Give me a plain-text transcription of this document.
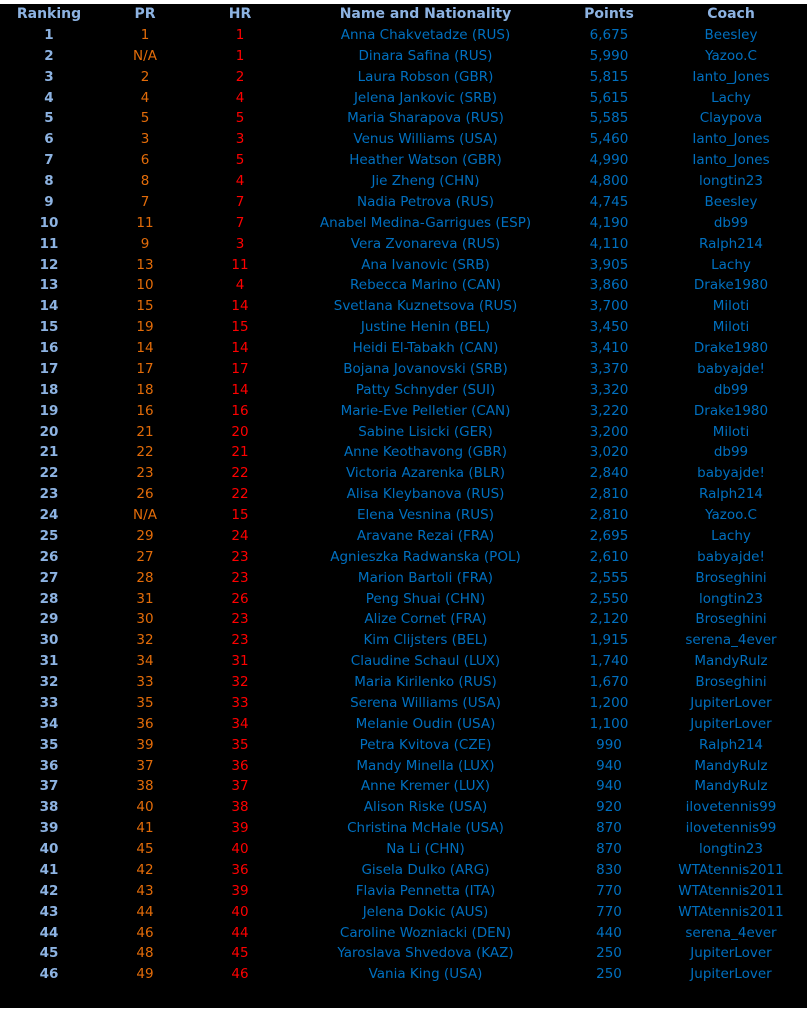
Ranking	PR	HR	Name and Nationality	Points	Coach
1	1	1	Anna Chakvetadze (RUS)	6,675	Beesley
2	N/A	1	Dinara Safina (RUS)	5,990	Yazoo.C
3	2	2	Laura Robson (GBR)	5,815	Ianto_Jones
4	4	4	Jelena Jankovic (SRB)	5,615	Lachy
5	5	5	Maria Sharapova (RUS)	5,585	Claypova
6	3	3	Venus Williams (USA)	5,460	Ianto_Jones
7	6	5	Heather Watson (GBR)	4,990	Ianto_Jones
8	8	4	Jie Zheng (CHN)	4,800	longtin23
9	7	7	Nadia Petrova (RUS)	4,745	Beesley
10	11	7	Anabel Medina-Garrigues (ESP)	4,190	db99
11	9	3	Vera Zvonareva (RUS)	4,110	Ralph214
12	13	11	Ana Ivanovic (SRB)	3,905	Lachy
13	10	4	Rebecca Marino (CAN)	3,860	Drake1980
14	15	14	Svetlana Kuznetsova (RUS)	3,700	Miloti
15	19	15	Justine Henin (BEL)	3,450	Miloti
16	14	14	Heidi El-Tabakh (CAN)	3,410	Drake1980
17	17	17	Bojana Jovanovski (SRB)	3,370	babyajde!
18	18	14	Patty Schnyder (SUI)	3,320	db99
19	16	16	Marie-Eve Pelletier (CAN)	3,220	Drake1980
20	21	20	Sabine Lisicki (GER)	3,200	Miloti
21	22	21	Anne Keothavong (GBR)	3,020	db99
22	23	22	Victoria Azarenka (BLR)	2,840	babyajde!
23	26	22	Alisa Kleybanova (RUS)	2,810	Ralph214
24	N/A	15	Elena Vesnina (RUS)	2,810	Yazoo.C
25	29	24	Aravane Rezai (FRA)	2,695	Lachy
26	27	23	Agnieszka Radwanska (POL)	2,610	babyajde!
27	28	23	Marion Bartoli (FRA)	2,555	Broseghini
28	31	26	Peng Shuai (CHN)	2,550	longtin23
29	30	23	Alize Cornet (FRA)	2,120	Broseghini
30	32	23	Kim Clijsters (BEL)	1,915	serena_4ever
31	34	31	Claudine Schaul (LUX)	1,740	MandyRulz
32	33	32	Maria Kirilenko (RUS)	1,670	Broseghini
33	35	33	Serena Williams (USA)	1,200	JupiterLover
34	36	34	Melanie Oudin (USA)	1,100	JupiterLover
35	39	35	Petra Kvitova (CZE)	990	Ralph214
36	37	36	Mandy Minella (LUX)	940	MandyRulz
37	38	37	Anne Kremer (LUX)	940	MandyRulz
38	40	38	Alison Riske (USA)	920	ilovetennis99
39	41	39	Christina McHale (USA)	870	ilovetennis99
40	45	40	Na Li (CHN)	870	longtin23
41	42	36	Gisela Dulko (ARG)	830	WTAtennis2011
42	43	39	Flavia Pennetta (ITA)	770	WTAtennis2011
43	44	40	Jelena Dokic (AUS)	770	WTAtennis2011
44	46	44	Caroline Wozniacki (DEN)	440	serena_4ever
45	48	45	Yaroslava Shvedova (KAZ)	250	JupiterLover
46	49	46	Vania King (USA)	250	JupiterLover
